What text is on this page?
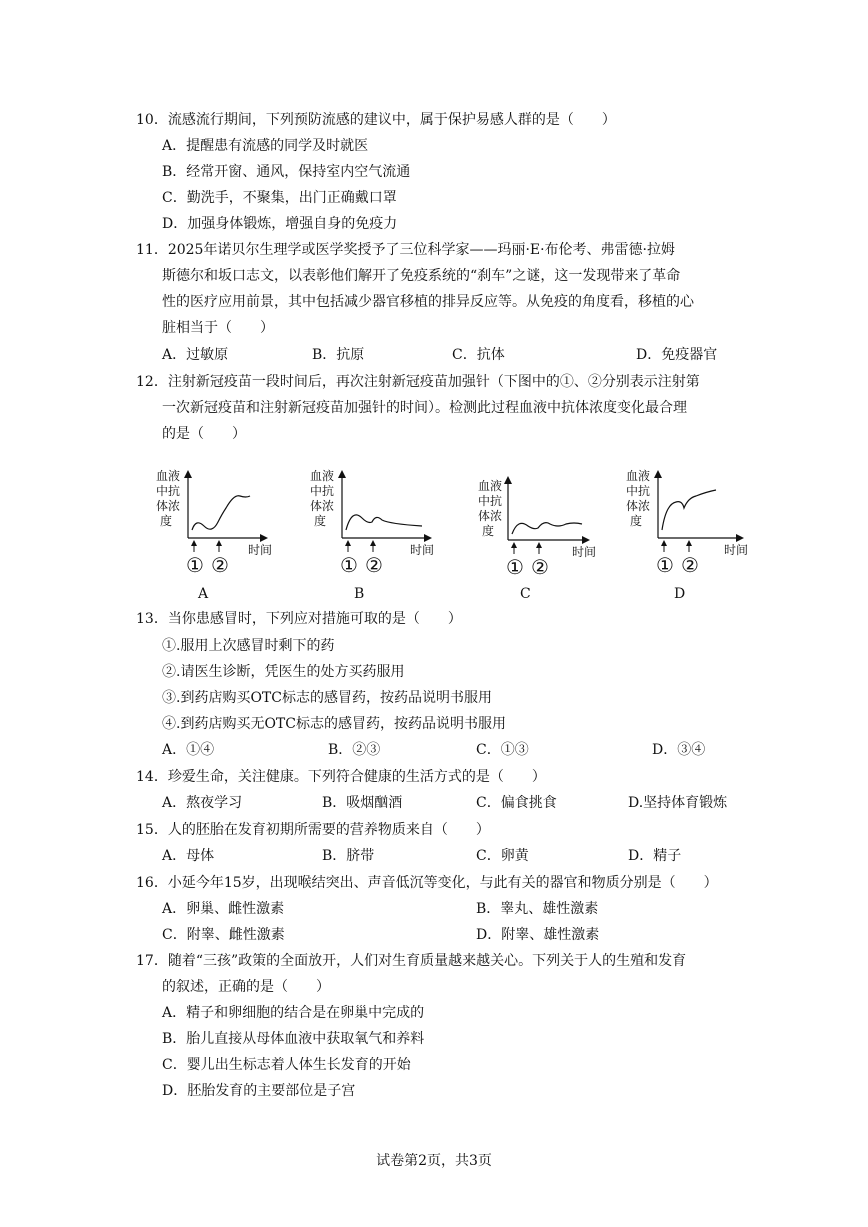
10．流感流行期间，下列预防流感的建议中，属于保护易感人群的是（　　）
A．提醒患有流感的同学及时就医
B．经常开窗、通风，保持室内空气流通
C．勤洗手，不聚集，出门正确戴口罩
D．加强身体锻炼，增强自身的免疫力
11．2025年诺贝尔生理学或医学奖授予了三位科学家——玛丽·E·布伦考、弗雷德·拉姆
斯德尔和坂口志文，以表彰他们解开了免疫系统的“刹车”之谜，这一发现带来了革命
性的医疗应用前景，其中包括减少器官移植的排异反应等。从免疫的角度看，移植的心
脏相当于（　　）
A．过敏原	B．抗原	C．抗体	D．免疫器官
12．注射新冠疫苗一段时间后，再次注射新冠疫苗加强针（下图中的①、②分别表示注射第
一次新冠疫苗和注射新冠疫苗加强针的时间）。检测此过程血液中抗体浓度变化最合理
的是（　　）
血液
中抗
体浓
度
时间
① ②
血液
中抗
体浓
度
时间
① ②
血液
中抗
体浓
度
时间
① ②
血液
中抗
体浓
度
时间
① ②
A	B	C	D
13．当你患感冒时，下列应对措施可取的是（　　）
①.服用上次感冒时剩下的药
②.请医生诊断，凭医生的处方买药服用
③.到药店购买OTC标志的感冒药，按药品说明书服用
④.到药店购买无OTC标志的感冒药，按药品说明书服用
A．①④	B．②③	C．①③	D．③④
14．珍爱生命，关注健康。下列符合健康的生活方式的是（　　）
A．熬夜学习	B．吸烟酗酒	C．偏食挑食	D.坚持体育锻炼
15．人的胚胎在发育初期所需要的营养物质来自（　　）
A．母体	B．脐带	C．卵黄	D．精子
16．小延今年15岁，出现喉结突出、声音低沉等变化，与此有关的器官和物质分别是（　　）
A．卵巢、雌性激素	B．睾丸、雄性激素
C．附睾、雌性激素	D．附睾、雄性激素
17．随着“三孩”政策的全面放开，人们对生育质量越来越关心。下列关于人的生殖和发育
的叙述，正确的是（　　）
A．精子和卵细胞的结合是在卵巢中完成的
B．胎儿直接从母体血液中获取氧气和养料
C．婴儿出生标志着人体生长发育的开始
D．胚胎发育的主要部位是子宫
试卷第2页，共3页
